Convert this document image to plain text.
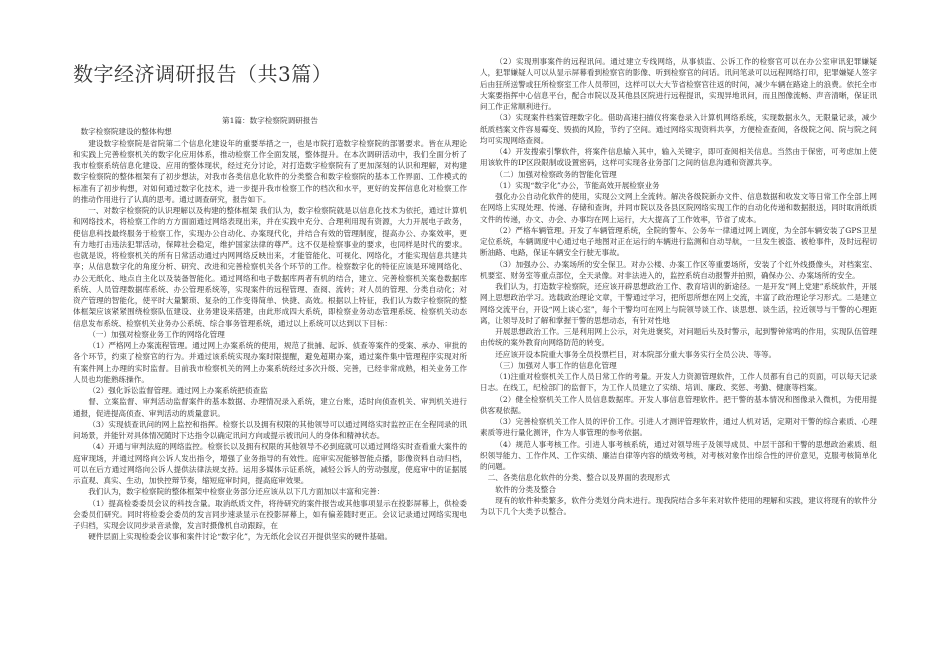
数字经济调研报告（共3篇）

第1篇：数字检察院调研报告

数字检察院建设的整体构想

建设数字检察院是省院第二个信息化建设年的重要举措之一，也是市院打造数字检察院的部署要求。皆在从理论和实践上完善检察机关的数字化应用体系，推动检察工作全面发展，整体提升。在本次调研活动中，我们全面分析了我市检察系统信息化建设、应用的整体现状，经过充分讨论，对打造数字检察院有了更加深刻的认识和理解，对构建数字检察院的整体框架有了初步想法，对我市各类信息化软件的分类整合和数字检察院的基本工作界面、工作模式的标准有了初步构想，对如何通过数字化技术，进一步提升我市检察工作的档次和水平，更好的发挥信息化对检察工作的推动作用进行了认真的思考。通过调查研究，报告如下。

一、对数字检察院的认识理解以及构建的整体框架 我们认为，数字检察院就是以信息化技术为依托，通过计算机和网络技术，将检察工作的方方面面通过网络表现出来，并在实践中充分、合理利用现有资源，大力开展电子政务，使信息科技最终服务于检察工作，实现办公自动化、办案现代化，并结合有效的管理制度，提高办公、办案效率，更有力地打击违法犯罪活动，保障社会稳定，维护国家法律的尊严。这不仅是检察事业的要求，也同样是时代的要求。也就是说，将检察机关的所有日常活动通过内网网络反映出来，才能管能化、可视化、网络化，才能实现信息共建共享；从信息数字化的角度分析、研究、改进和完善检察机关各个环节的工作。检察数字化的特征应该是环境网络化、办公无纸化、地点自主化以及装备智能化。通过网络和电子数据库两者有机的结合，建立、完善检察机关案卷数据库系统、人员管理数据库系统、办公管理系统等，实现案件的远程管理、查阅、流转；对人员的管理、分类自动化；对资产管理的智能化，使平时大量繁琐、复杂的工作变得简单、快捷、高效。根据以上特征，我们认为数字检察院的整体框架应该紧紧围绕检察队伍建设、业务建设来搭建，由此形成四大系统，即检察业务动态管理系统、检察机关动态信息发布系统、检察机关业务办公系统、综合事务管理系统，通过以上系统可以达到以下目标：

（一）加强对检察业务工作的网络化管理

（1）严格网上办案流程管理。通过网上办案系统的使用，规范了批捕、起诉、侦查等案件的受案、承办、审批的各个环节，约束了检察官的行为。并通过该系统实现办案时限提醒，避免超期办案，通过案件集中管理程序实现对所有案件网上办理的实时监督。目前我市检察机关的网上办案系统经过多次升级、完善，已经非常成熟，相关业务工作人员也均能熟练操作。

（2）强化诉讼监督管理。通过网上办案系统把侦查监

督、立案监督、审判活动监督案件的基本数据、办理情况录入系统，建立台账，适时向侦查机关、审判机关进行通报，促进提高侦查、审判活动的质量意识。

（3）实现侦查讯问的网上监控和指挥。检察长以及拥有权限的其他领导可以通过网络实时监控正在全程同录的讯问场景，并能针对具体情况随时下达指令以确定讯问方向或提示被讯问人的身体和精神状态。

（4）开通与审判法庭的网络监控。检察长以及拥有权限的其他领导不必到庭就可以通过网络实时查看重大案件的庭审现场，并通过网络向公诉人发出指令，增强了业务指导的有效性。庭审实况能够智能点播，影像资料自动归档，可以在后方通过网络向公诉人提供法律法规支持。运用多媒体示证系统，减轻公诉人的劳动强度，使庭审中的证据展示直观、真实、生动，加快控辩节奏，缩短庭审时间，提高庭审效果。

我们认为，数字检察院的整体框架中检察业务部分还应该从以下几方面加以丰富和完善：

（1）提高检委委员会议的科技含量。取消纸质文件，将待研究的案件报告或其他事项显示在投影屏幕上，供检委会委员们研究。同时将检委会委员的发言同步速录显示在投影屏幕上，如有偏差随时更正。会议记录通过网络实现电子归档，实现会议同步录音录像，发言时摄像机自动跟踪，在

硬件层面上实现检委会议事和案件讨论“数字化”，为无纸化会议召开提供坚实的硬件基础。

（2）实现刑事案件的远程讯问。通过建立专线网络，从事侦监、公诉工作的检察官可以在办公室审讯犯罪嫌疑人，犯罪嫌疑人可以从显示屏幕看到检察官的影像、听到检察官的问话。讯问笔录可以远程网络打印，犯罪嫌疑人签字后由狂所送警或狂所检察室工作人员带回，这样可以大大节省检察官往返的时间，减少车辆在路途上的浪费。依托全市大案要指挥中心信息平台，配合市院以及其他县区院进行远程提讯，实现异地讯问，而且图像流畅、声音清晰，保证讯问工作正常顺利进行。

（3）实现案件档案管理数字化。借助高速扫描仪将案卷录入计算机网络系统，实现数据永久，无限量记录，减少纸质档案文件容易霉变、毁损的风险，节约了空间。通过网络实现资料共享，方便检查查阅，各级院之间、院与院之间均可实现网络查阅。

（4）开发搜索引擎软件，将案件信息输入其中，输入关键字，即可查阅相关信息。当然由于保密，可考虑加上使用该软件的IP区段限制或设置密码，这样可实现各业务部门之间的信息沟通和资源共享。

（二）加强对检察政务的智能化管理

（1）实现“数字化”办公，节能高效开展检察业务

强化办公自动化软件的使用，实现公文网上全流转。解决各级院新办文件、信息数据和收发文等日常工作全部上网在网络上实现处理、传递、存储和查询，并同市院以及各县区院网络实现工作的自动化传递和数据报送，同时取消纸质文件的传递，办文、办会、办事均在网上运行，大大提高了工作效率，节省了成本。

（2）严格车辆管理。开发了车辆管理系统，全院的警车、公务车一律通过网上调度，为全部车辆安装了GPS卫星定位系统，车辆调度中心通过电子地图对正在运行的车辆进行监测和自动导航，一旦发生被盗、被枪事件，及时远程切断油路、电路，保证车辆安全行驶无事故。

（3）加强办公、办案场所的安全保卫。对办公楼、办案工作区等重要场所，安装了个红外线摄像头，对档案室、机要室、财务室等重点部位，全天录像。对非法进入的，监控系统自动报警并拍照，确保办公、办案场所的安全。

我们认为，打造数字检察院，还应该开辟思想政治工作、教育培训的新途径。一是开发“网上党建”系统软件，开展网上思想政治学习。选载政治理论文章，干警通过学习，把所思所想在网上交流，丰富了政治理论学习形式。二是建立网络交流平台，开设“网上谈心室”，每个干警均可在网上与院领导谈工作、谈思想、谈生活，拉近领导与干警的心理距离，让领导及时了解和掌握干警的思想动态，有针对性地

开展思想政治工作。三是利用网上公示，对先进褒奖，对问题后头及时警示，起到警钟常鸣的作用，实现队伍管理由传统的案外教育向网络防范的转变。

还应该开设本院重大事务全员投票栏目，对本院部分重大事务实行全员公决、等等。

（三）加强对人事工作的信息化管理

（1)注重对检察机关工作人员日常工作的考量。开发人力资源管理软件，工作人员都有自己的页面，可以每天记录日志。在线工，纪检部门的监督下，为工作人员建立了实绩、培训、廉政、奖惩、考勤、健康等档案。

（2）健全检察机关工作人员信息数据库。开发人事信息管理软件。把干警的基本情况和图像录入微机，为使用提供客观依据。

（3）完善检察机关工作人员的评价工作。引进人才测评管理软件，通过人机对话，定期对干警的综合素质、心理素质等进行量化测评，作为人事管理的参考依据。

（4）规范人事考核工作。引进人事考核系统，通过对领导班子及领导成员、中层干部和干警的思想政治素质、组织领导能力、工作作风、工作实绩、廉洁自律等内容的绩效考核，对考核对象作出综合性的评价意见，克服考核简单化的问题。

二、各类信息化软件的分类、整合以及界面的表现形式

软件的分类及整合

现有的软件种类繁多，软件分类划分尚未进行。现我院结合多年来对软件使用的理解和实践，建议将现有的软件分为以下几个大类予以整合。
